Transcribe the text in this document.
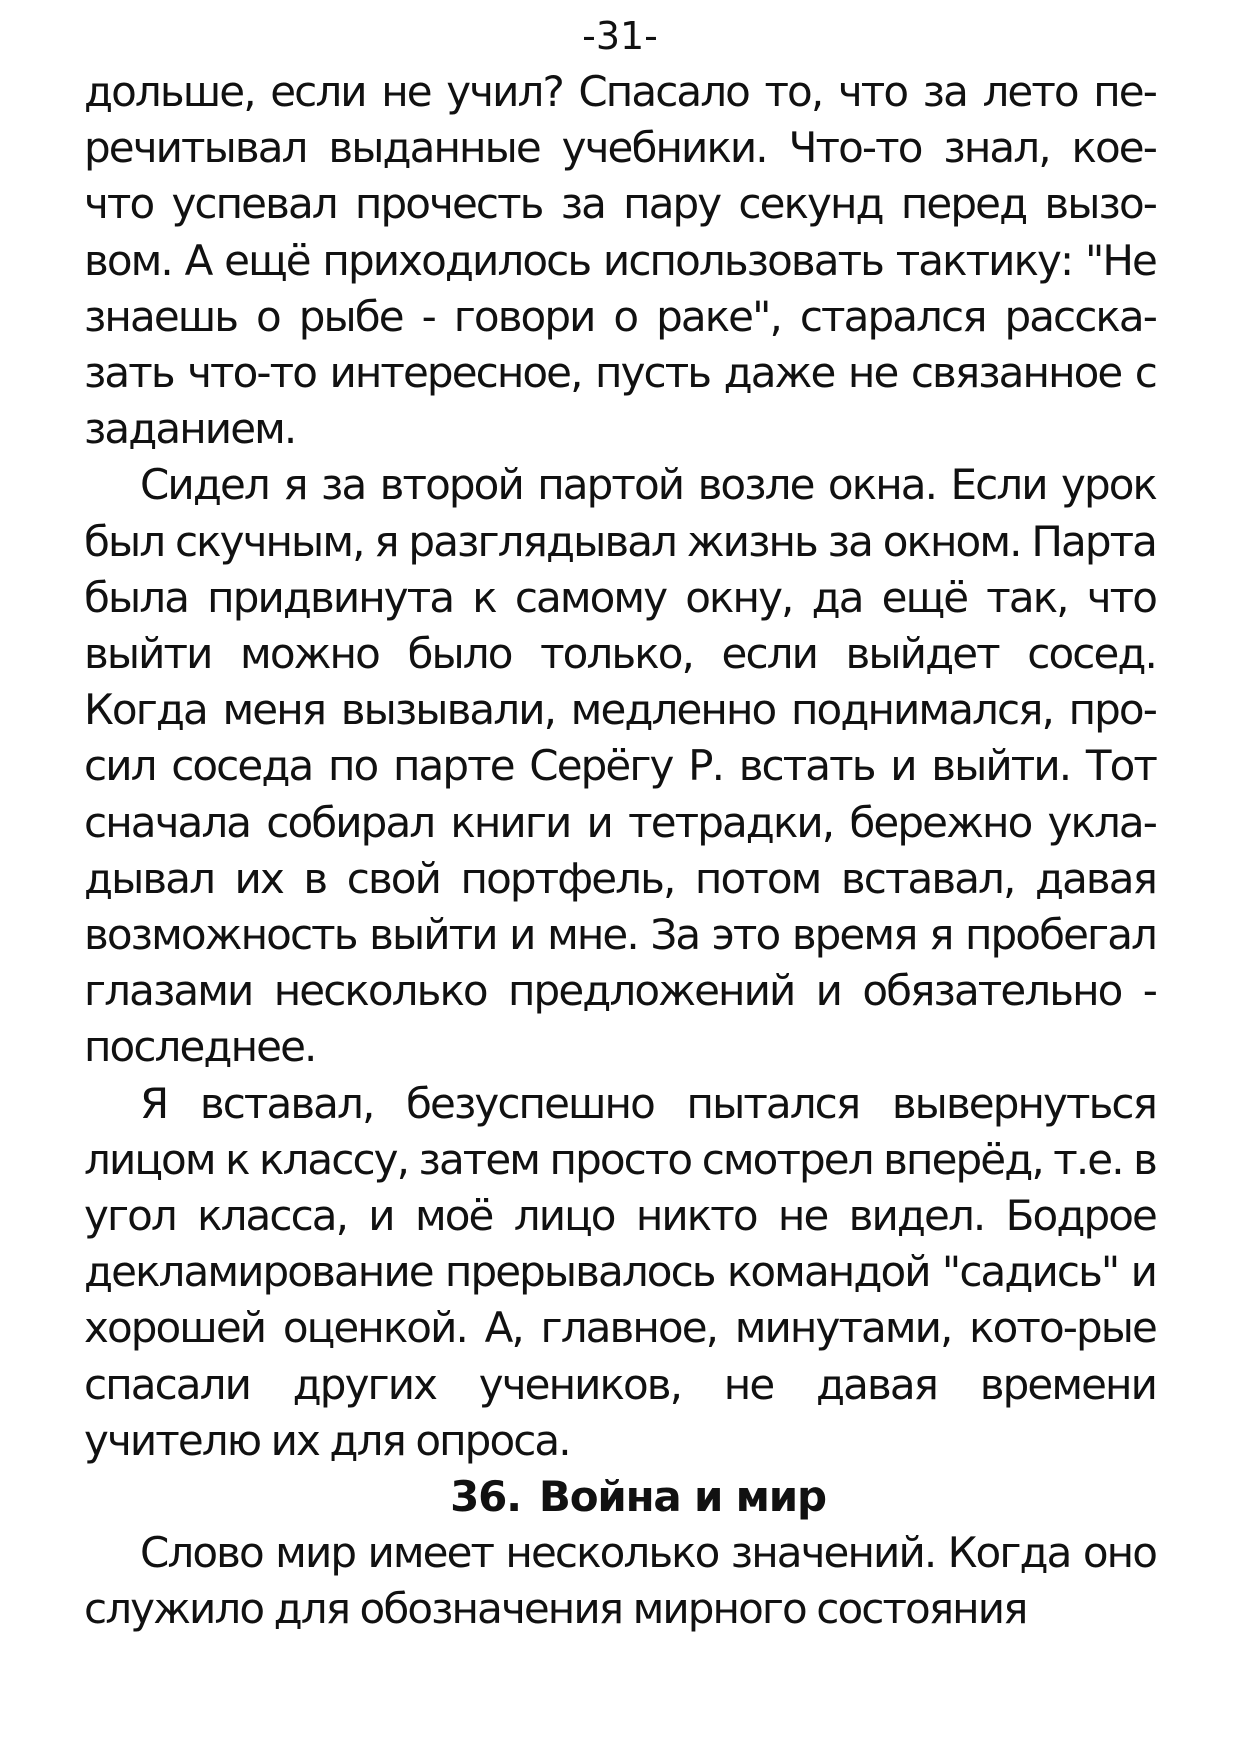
-31-

дольше, если не учил? Спасало то, что за лето пе-речитывал выданные учебники. Что-то знал, кое-что успевал прочесть за пару секунд перед вызо-вом. А ещё приходилось использовать тактику: "Не знаешь о рыбе - говори о раке", старался расска-зать что-то интересное, пусть даже не связанное с заданием.

Сидел я за второй партой возле окна. Если урок был скучным, я разглядывал жизнь за окном. Парта была придвинута к самому окну, да ещё так, что выйти можно было только, если выйдет сосед. Когда меня вызывали, медленно поднимался, про-сил соседа по парте Серёгу Р. встать и выйти. Тот сначала собирал книги и тетрадки, бережно укла-дывал их в свой портфель, потом вставал, давая возможность выйти и мне. За это время я пробегал глазами несколько предложений и обязательно - последнее.

Я вставал, безуспешно пытался вывернуться лицом к классу, затем просто смотрел вперёд, т.е. в угол класса, и моё лицо никто не видел. Бодрое декламирование прерывалось командой "садись" и хорошей оценкой. А, главное, минутами, кото-рые спасали других учеников, не давая времени учителю их для опроса.

36. Война и мир

Слово мир имеет несколько значений. Когда оно служило для обозначения мирного состояния
